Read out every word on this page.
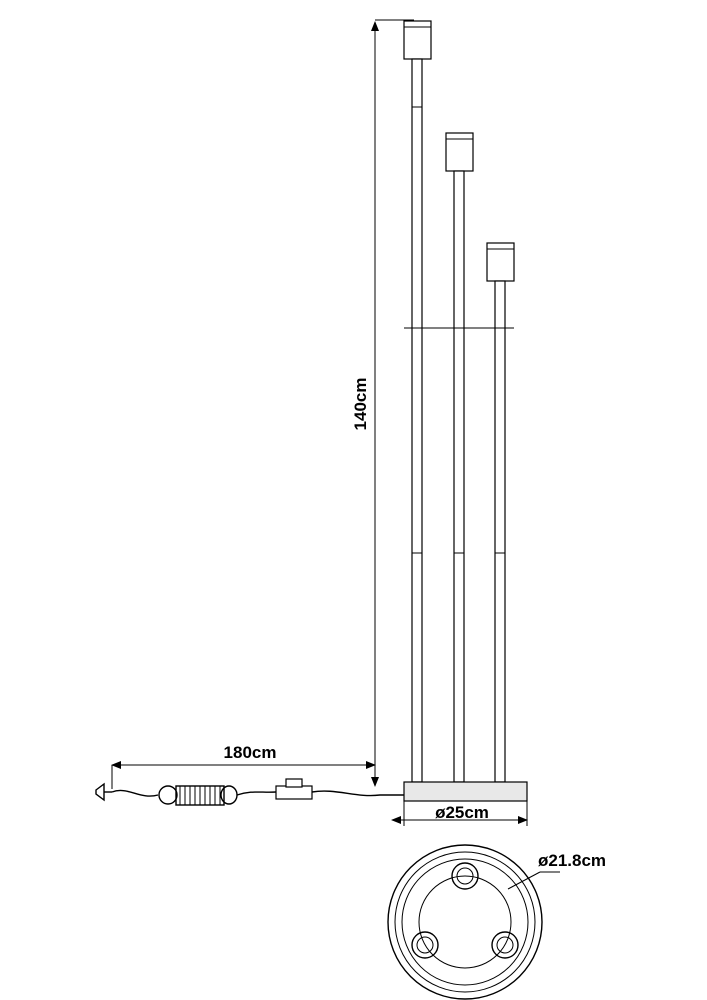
140cm
180cm
ø25cm
ø21.8cm
